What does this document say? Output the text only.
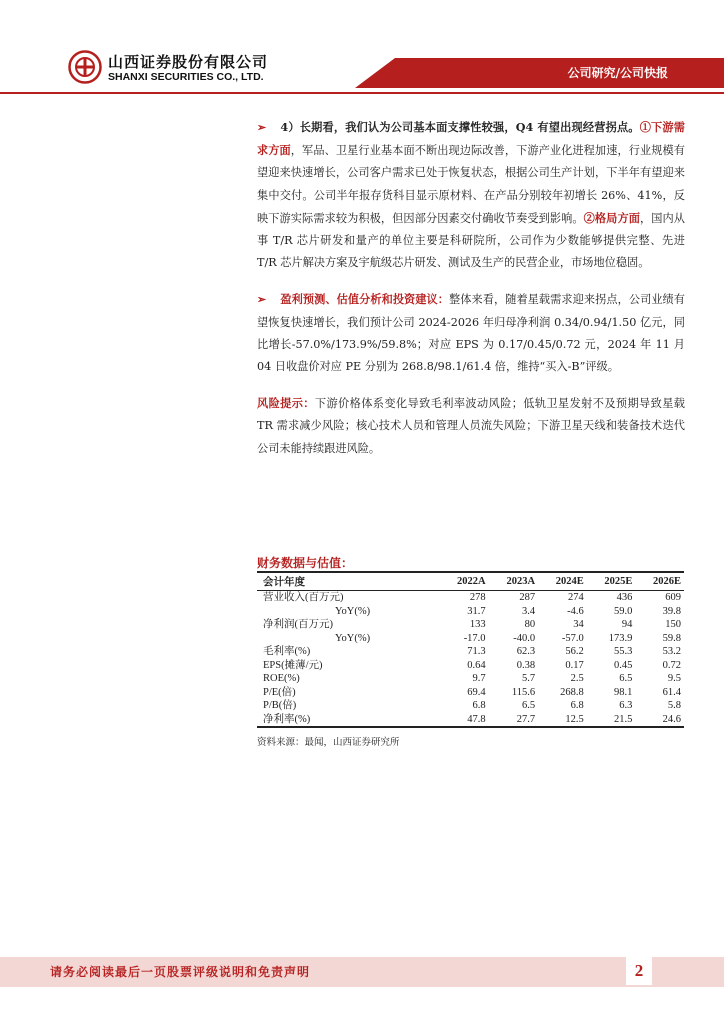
山西证券股份有限公司
SHANXI SECURITIES CO., LTD.	公司研究/公司快报

➢ 4）长期看，我们认为公司基本面支撑性较强，Q4 有望出现经营拐点。①下游需求方面，军品、卫星行业基本面不断出现边际改善，下游产业化进程加速，行业规模有望迎来快速增长，公司客户需求已处于恢复状态，根据公司生产计划，下半年有望迎来集中交付。公司半年报存货科目显示原材料、在产品分别较年初增长 26%、41%，反映下游实际需求较为积极，但因部分因素交付确收节奏受到影响。②格局方面，国内从事 T/R 芯片研发和量产的单位主要是科研院所，公司作为少数能够提供完整、先进 T/R 芯片解决方案及宇航级芯片研发、测试及生产的民营企业，市场地位稳固。

➢ 盈利预测、估值分析和投资建议：整体来看，随着星载需求迎来拐点，公司业绩有望恢复快速增长，我们预计公司 2024-2026 年归母净利润 0.34/0.94/1.50 亿元，同比增长-57.0%/173.9%/59.8%；对应 EPS 为 0.17/0.45/0.72 元，2024 年 11 月 04 日收盘价对应 PE 分别为 268.8/98.1/61.4 倍，维持“买入-B”评级。

风险提示：下游价格体系变化导致毛利率波动风险；低轨卫星发射不及预期导致星载 TR 需求减少风险；核心技术人员和管理人员流失风险；下游卫星天线和装备技术迭代公司未能持续跟进风险。

财务数据与估值：
会计年度	2022A	2023A	2024E	2025E	2026E
营业收入(百万元)	278	287	274	436	609
YoY(%)	31.7	3.4	-4.6	59.0	39.8
净利润(百万元)	133	80	34	94	150
YoY(%)	-17.0	-40.0	-57.0	173.9	59.8
毛利率(%)	71.3	62.3	56.2	55.3	53.2
EPS(摊薄/元)	0.64	0.38	0.17	0.45	0.72
ROE(%)	9.7	5.7	2.5	6.5	9.5
P/E(倍)	69.4	115.6	268.8	98.1	61.4
P/B(倍)	6.8	6.5	6.8	6.3	5.8
净利率(%)	47.8	27.7	12.5	21.5	24.6
资料来源：最闻，山西证券研究所
请务必阅读最后一页股票评级说明和免责声明	2
